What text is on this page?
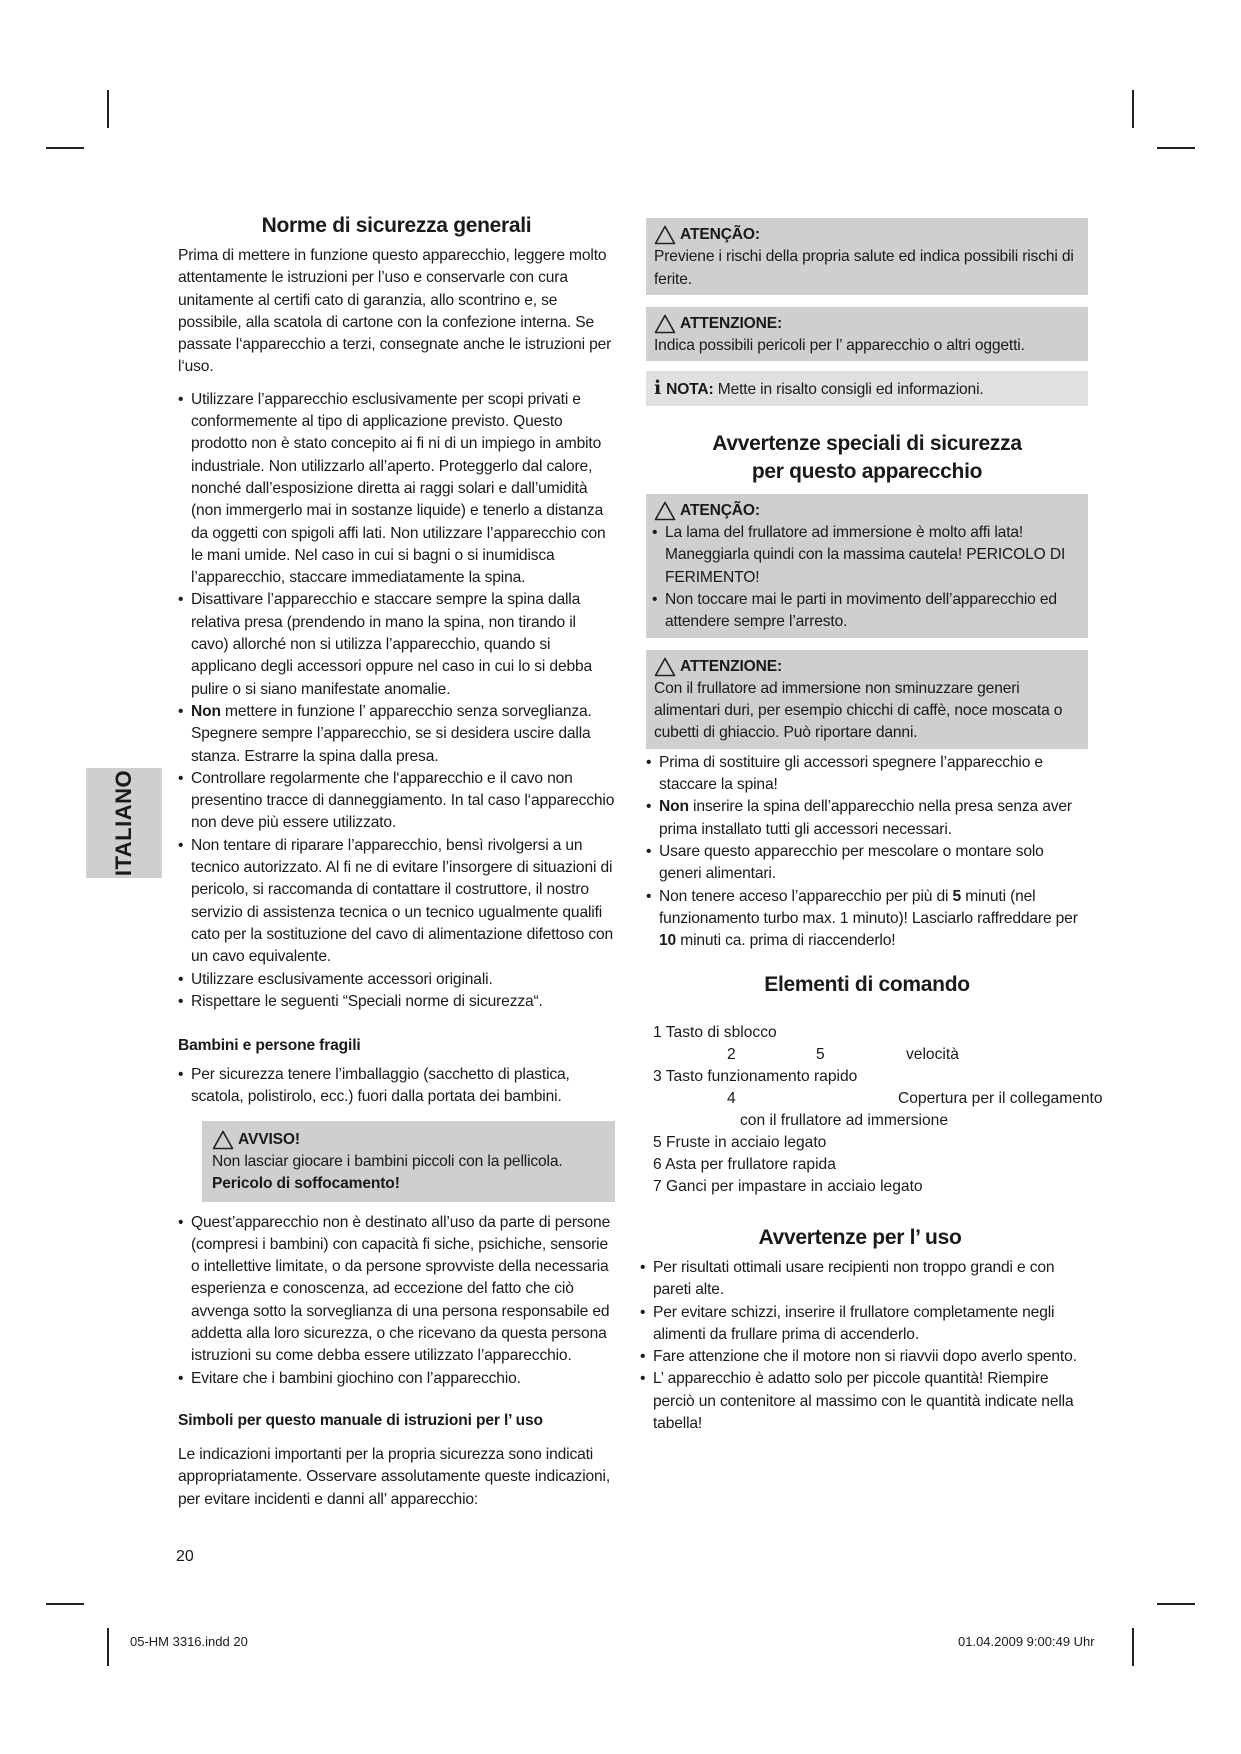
ITALIANO
Norme di sicurezza generali

Prima di mettere in funzione questo apparecchio, leggere molto attentamente le istruzioni per l’uso e conservarle con cura unitamente al certifi cato di garanzia, allo scontrino e, se possibile, alla scatola di cartone con la confezione interna. Se passate l‘apparecchio a terzi, consegnate anche le istruzioni per l‘uso.

• Utilizzare l’apparecchio esclusivamente per scopi privati e conformemente al tipo di applicazione previsto. Questo prodotto non è stato concepito ai fi ni di un impiego in ambito industriale. Non utilizzarlo all’aperto. Proteggerlo dal calore, nonché dall’esposizione diretta ai raggi solari e dall’umidità (non immergerlo mai in sostanze liquide) e tenerlo a distanza da oggetti con spigoli affi lati. Non utilizzare l’apparecchio con le mani umide. Nel caso in cui si bagni o si inumidisca l’apparecchio, staccare immediatamente la spina.
• Disattivare l’apparecchio e staccare sempre la spina dalla relativa presa (prendendo in mano la spina, non tirando il cavo) allorché non si utilizza l’apparecchio, quando si applicano degli accessori oppure nel caso in cui lo si debba pulire o si siano manifestate anomalie.
• Non mettere in funzione l’ apparecchio senza sorveglianza. Spegnere sempre l’apparecchio, se si desidera uscire dalla stanza. Estrarre la spina dalla presa.
• Controllare regolarmente che l‘apparecchio e il cavo non presentino tracce di danneggiamento. In tal caso l‘apparecchio non deve più essere utilizzato.
• Non tentare di riparare l’apparecchio, bensì rivolgersi a un tecnico autorizzato. Al fi ne di evitare l’insorgere di situazioni di pericolo, si raccomanda di contattare il costruttore, il nostro servizio di assistenza tecnica o un tecnico ugualmente qualifi cato per la sostituzione del cavo di alimentazione difettoso con un cavo equivalente.
• Utilizzare esclusivamente accessori originali.
• Rispettare le seguenti “Speciali norme di sicurezza“.
Bambini e persone fragili
• Per sicurezza tenere l’imballaggio (sacchetto di plastica, scatola, polistirolo, ecc.) fuori dalla portata dei bambini.
AVVISO!
Non lasciar giocare i bambini piccoli con la pellicola.
Pericolo di soffocamento!
• Quest’apparecchio non è destinato all’uso da parte di persone (compresi i bambini) con capacità fi siche, psichiche, sensorie o intellettive limitate, o da persone sprovviste della necessaria esperienza e conoscenza, ad eccezione del fatto che ciò avvenga sotto la sorveglianza di una persona responsabile ed addetta alla loro sicurezza, o che ricevano da questa persona istruzioni su come debba essere utilizzato l’apparecchio.
• Evitare che i bambini giochino con l’apparecchio.
Simboli per questo manuale di istruzioni per l’ uso

Le indicazioni importanti per la propria sicurezza sono indicati appropriatamente. Osservare assolutamente queste indicazioni, per evitare incidenti e danni all’ apparecchio:

ATENÇÃO:
Previene i rischi della propria salute ed indica possibili rischi di ferite.
ATTENZIONE:
Indica possibili pericoli per l’ apparecchio o altri oggetti.
i NOTA: Mette in risalto consigli ed informazioni.
Avvertenze speciali di sicurezza
per questo apparecchio
ATENÇÃO:
• La lama del frullatore ad immersione è molto affi lata! Maneggiarla quindi con la massima cautela! PERICOLO DI FERIMENTO!
• Non toccare mai le parti in movimento dell’apparecchio ed attendere sempre l’arresto.
ATTENZIONE:
Con il frullatore ad immersione non sminuzzare generi alimentari duri, per esempio chicchi di caffè, noce moscata o cubetti di ghiaccio. Può riportare danni.
• Prima di sostituire gli accessori spegnere l’apparecchio e staccare la spina!
• Non inserire la spina dell’apparecchio nella presa senza aver prima installato tutti gli accessori necessari.
• Usare questo apparecchio per mescolare o montare solo generi alimentari.
• Non tenere acceso l’apparecchio per più di 5 minuti (nel funzionamento turbo max. 1 minuto)! Lasciarlo raffreddare per 10 minuti ca. prima di riaccenderlo!
Elementi di comando
1 Tasto di sblocco
2	5	velocità
3 Tasto funzionamento rapido
4	Copertura per il collegamento
con il frullatore ad immersione
5 Fruste in acciaio legato
6 Asta per frullatore rapida
7 Ganci per impastare in acciaio legato
Avvertenze per l’ uso
• Per risultati ottimali usare recipienti non troppo grandi e con pareti alte.
• Per evitare schizzi, inserire il frullatore completamente negli alimenti da frullare prima di accenderlo.
• Fare attenzione che il motore non si riavvii dopo averlo spento.
• L’ apparecchio è adatto solo per piccole quantità! Riempire perciò un contenitore al massimo con le quantità indicate nella tabella!
20
05-HM 3316.indd 20	01.04.2009 9:00:49 Uhr
